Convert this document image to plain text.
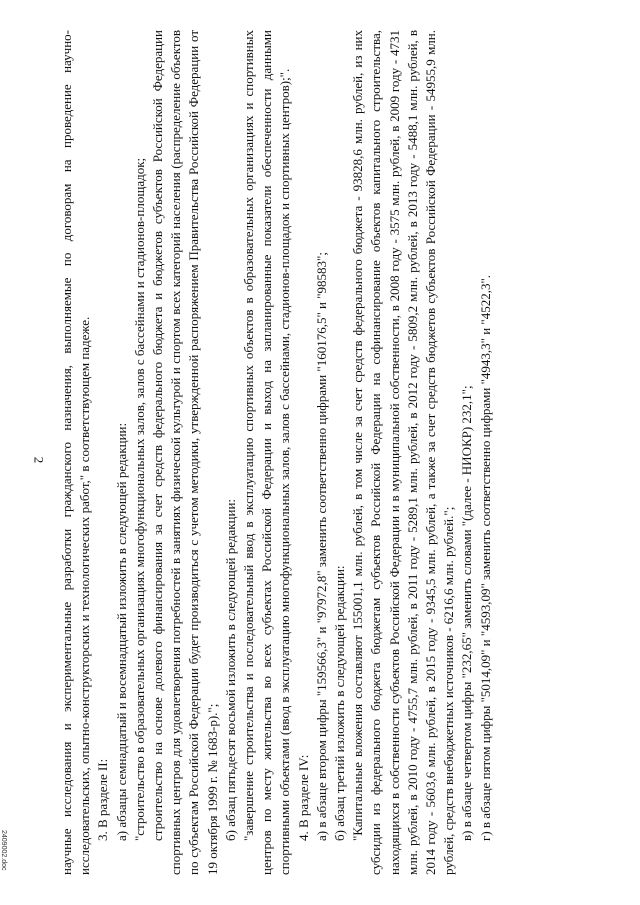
2 научные исследования и экспериментальные разработки гражданского назначения, выполняемые по договорам на проведение научно-исследовательских, опытно-конструкторских и технологических работ," в соответствующем падеже. 3. В разделе II: а) абзацы семнадцатый и восемнадцатый изложить в следующей редакции: "строительство в образовательных организациях многофункциональных залов, залов с бассейнами и стадионов-площадок; строительство на основе долевого финансирования за счет средств федерального бюджета и бюджетов субъектов Российской Федерации спортивных центров для удовлетворения потребностей в занятиях физической культурой и спортом всех категорий населения (распределение объектов по субъектам Российской Федерации будет производиться с учетом методики, утвержденной распоряжением Правительства Российской Федерации от 19 октября 1999 г. № 1683-р)."; б) абзац пятьдесят восьмой изложить в следующей редакции: "завершение строительства и последовательный ввод в эксплуатацию спортивных объектов в образовательных организациях и спортивных центров по месту жительства во всех субъектах Российской Федерации и выход на запланированные показатели обеспеченности данными спортивными объектами (ввод в эксплуатацию многофункциональных залов, залов с бассейнами, стадионов-площадок и спортивных центров);". 4. В разделе IV: а) в абзаце втором цифры "159566,3" и "97972,8" заменить соответственно цифрами "160176,5" и "98583"; б) абзац третий изложить в следующей редакции: "Капитальные вложения составляют 155001,1 млн. рублей, в том числе за счет средств федерального бюджета - 93828,6 млн. рублей, из них субсидии из федерального бюджета бюджетам субъектов Российской Федерации на софинансирование объектов капитального строительства, находящихся в собственности субъектов Российской Федерации и в муниципальной собственности, в 2008 году - 3575 млн. рублей, в 2009 году - 4731 млн. рублей, в 2010 году - 4755,7 млн. рублей, в 2011 году - 5289,1 млн. рублей, в 2012 году - 5809,2 млн. рублей, в 2013 году - 5488,1 млн. рублей, в 2014 году - 5603,6 млн. рублей, в 2015 году - 9345,5 млн. рублей, а также за счет средств бюджетов субъектов Российской Федерации - 54955,9 млн. рублей, средств внебюджетных источников - 6216,6 млн. рублей."; в) в абзаце четвертом цифры "232,65" заменить словами "(далее - НИОКР) 232,1"; г) в абзаце пятом цифры "5014,09" и "4593,09" заменить соответственно цифрами "4943,3" и "4522,3".

2409002.doc
